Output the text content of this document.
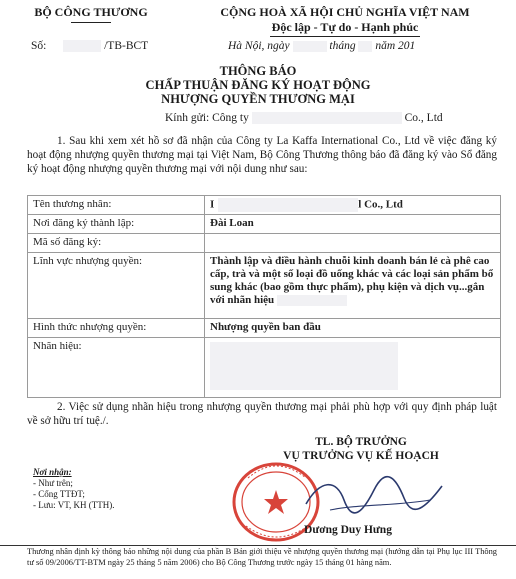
BỘ CÔNG THƯƠNG	CỘNG HOÀ XÃ HỘI CHỦ NGHĨA VIỆT NAM
Độc lập - Tự do - Hạnh phúc
Số:	/TB-BCT	Hà Nội, ngày	tháng năm 201
THÔNG BÁO
CHẤP THUẬN ĐĂNG KÝ HOẠT ĐỘNG
NHƯỢNG QUYỀN THƯƠNG MẠI
Kính gửi: Công ty	Co., Ltd
1. Sau khi xem xét hồ sơ đã nhận của Công ty La Kaffa International Co., Ltd về việc đăng ký hoạt động nhượng quyền thương mại tại Việt Nam, Bộ Công Thương thông báo đã đăng ký vào Sổ đăng ký hoạt động nhượng quyền thương mại với nội dung như sau:
Tên thương nhân:	I l Co., Ltd
Nơi đăng ký thành lập:	Đài Loan
Mã số đăng ký:	
Lĩnh vực nhượng quyền:	Thành lập và điều hành chuỗi kinh doanh bán lẻ cà phê cao cấp, trà và một số loại đồ uống khác và các loại sản phẩm bổ sung khác (bao gồm thực phẩm), phụ kiện và dịch vụ...gắn với nhãn hiệu
Hình thức nhượng quyền:	Nhượng quyền ban đầu
Nhãn hiệu:	
2. Việc sử dụng nhãn hiệu trong nhượng quyền thương mại phải phù hợp với quy định pháp luật về sở hữu trí tuệ./.
TL. BỘ TRƯỞNG
VỤ TRƯỞNG VỤ KẾ HOẠCH
Dương Duy Hưng
Nơi nhận:
- Như trên;
- Cổng TTĐT;
- Lưu: VT, KH (TTH).
Thương nhân định kỳ thông báo những nội dung của phần B Bản giới thiệu về nhượng quyền thương mại (hướng dẫn tại Phụ lục III Thông tư số 09/2006/TT-BTM ngày 25 tháng 5 năm 2006) cho Bộ Công Thương trước ngày 15 tháng 01 hàng năm.
